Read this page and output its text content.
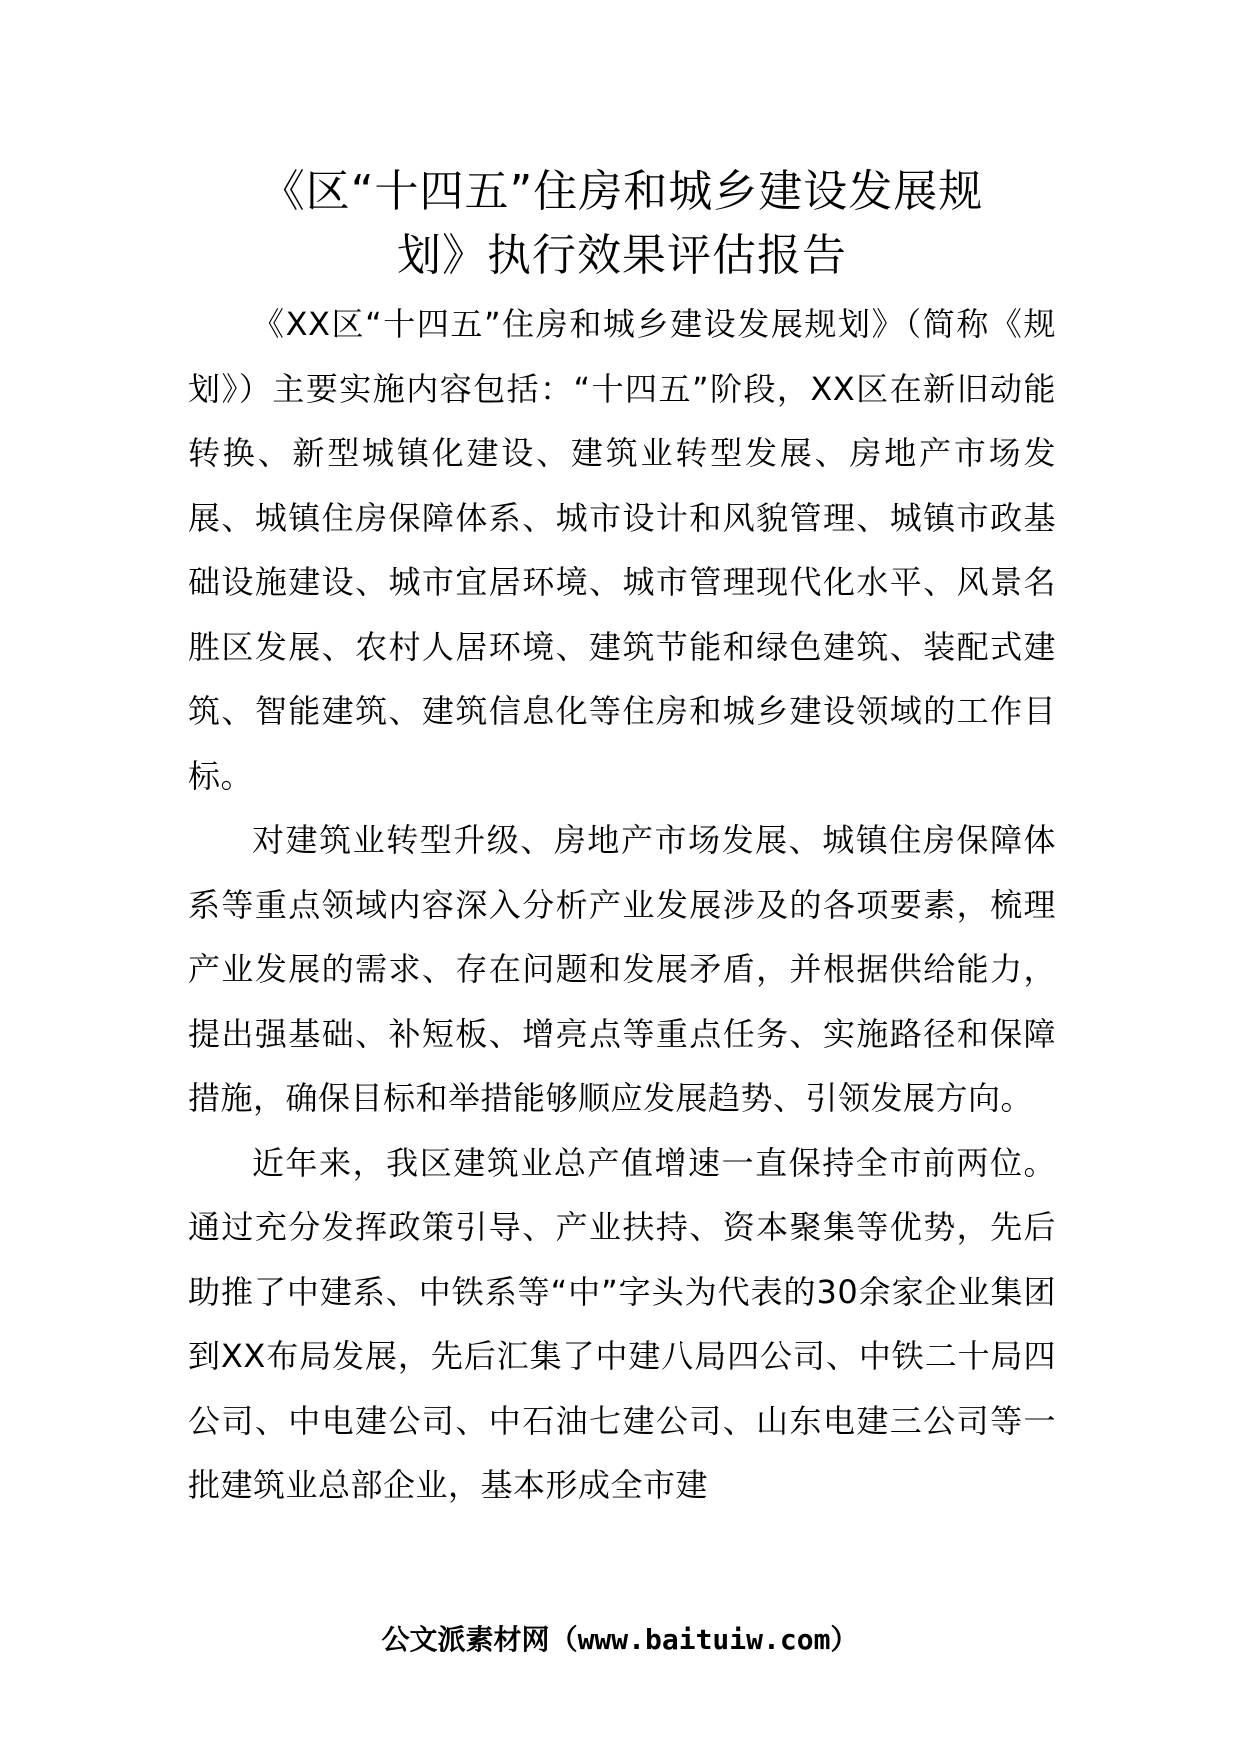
《区“十四五”住房和城乡建设发展规
划》执行效果评估报告

《XX区“十四五”住房和城乡建设发展规划》（简称《规划》）主要实施内容包括：“十四五”阶段，XX区在新旧动能转换、新型城镇化建设、建筑业转型发展、房地产市场发展、城镇住房保障体系、城市设计和风貌管理、城镇市政基础设施建设、城市宜居环境、城市管理现代化水平、风景名胜区发展、农村人居环境、建筑节能和绿色建筑、装配式建筑、智能建筑、建筑信息化等住房和城乡建设领域的工作目标。

对建筑业转型升级、房地产市场发展、城镇住房保障体系等重点领域内容深入分析产业发展涉及的各项要素，梳理产业发展的需求、存在问题和发展矛盾，并根据供给能力，提出强基础、补短板、增亮点等重点任务、实施路径和保障措施，确保目标和举措能够顺应发展趋势、引领发展方向。

近年来，我区建筑业总产值增速一直保持全市前两位。通过充分发挥政策引导、产业扶持、资本聚集等优势，先后助推了中建系、中铁系等“中”字头为代表的30余家企业集团到XX布局发展，先后汇集了中建八局四公司、中铁二十局四公司、中电建公司、中石油七建公司、山东电建三公司等一批建筑业总部企业，基本形成全市建

公文派素材网（www.baituiw.com）
